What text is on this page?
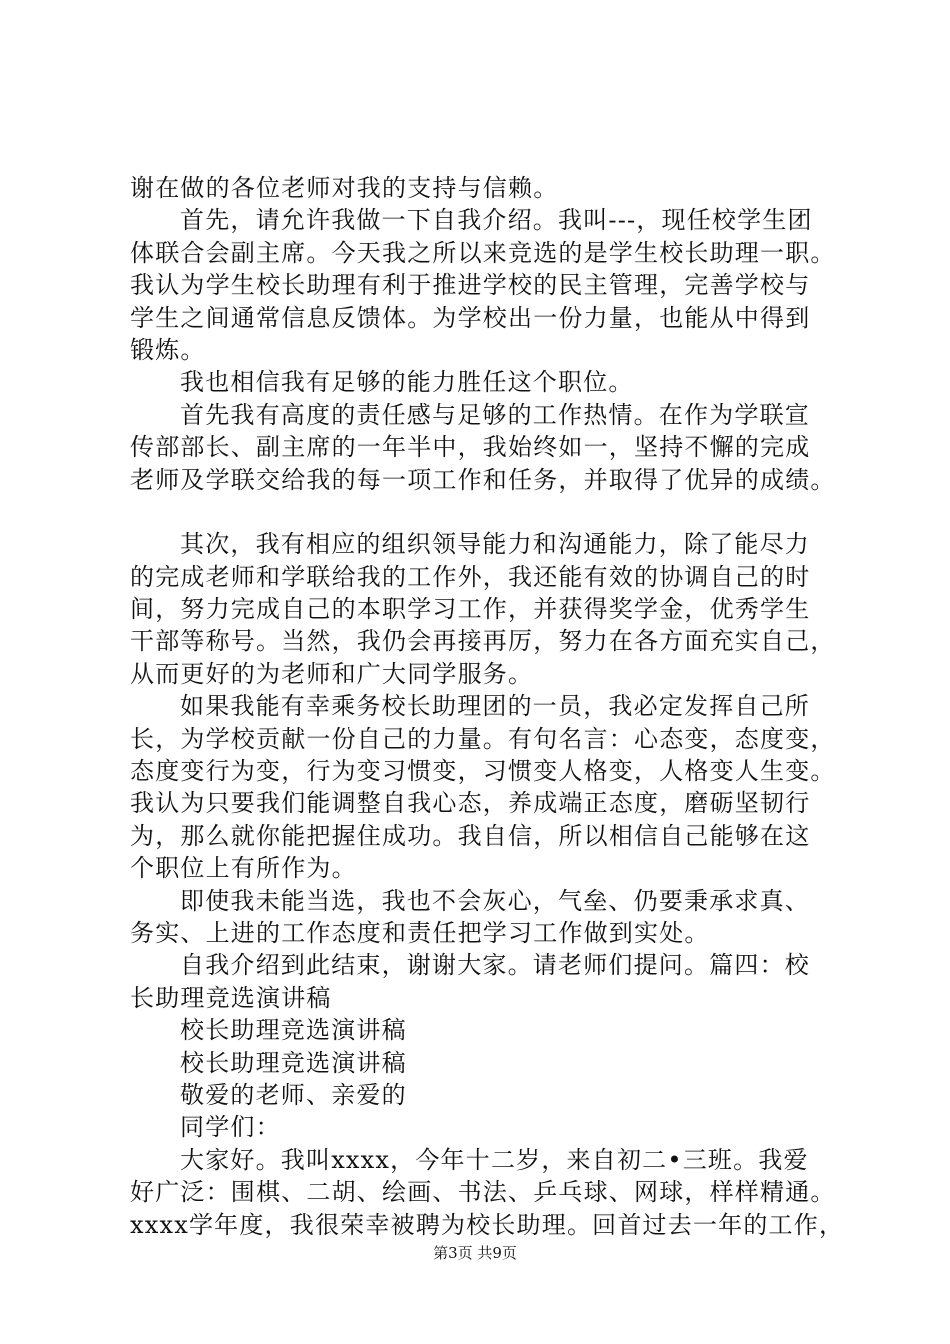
谢在做的各位老师对我的支持与信赖。
首先，请允许我做一下自我介绍。我叫---，现任校学生团
体联合会副主席。今天我之所以来竞选的是学生校长助理一职。
我认为学生校长助理有利于推进学校的民主管理，完善学校与
学生之间通常信息反馈体。为学校出一份力量，也能从中得到
锻炼。
我也相信我有足够的能力胜任这个职位。
首先我有高度的责任感与足够的工作热情。在作为学联宣
传部部长、副主席的一年半中，我始终如一，坚持不懈的完成
老师及学联交给我的每一项工作和任务，并取得了优异的成绩。
其次，我有相应的组织领导能力和沟通能力，除了能尽力
的完成老师和学联给我的工作外，我还能有效的协调自己的时
间，努力完成自己的本职学习工作，并获得奖学金，优秀学生
干部等称号。当然，我仍会再接再厉，努力在各方面充实自己，
从而更好的为老师和广大同学服务。
如果我能有幸乘务校长助理团的一员，我必定发挥自己所
长，为学校贡献一份自己的力量。有句名言：心态变，态度变，
态度变行为变，行为变习惯变，习惯变人格变，人格变人生变。
我认为只要我们能调整自我心态，养成端正态度，磨砺坚韧行
为，那么就你能把握住成功。我自信，所以相信自己能够在这
个职位上有所作为。
即使我未能当选，我也不会灰心，气垒、仍要秉承求真、
务实、上进的工作态度和责任把学习工作做到实处。
自我介绍到此结束，谢谢大家。请老师们提问。篇四：校
长助理竞选演讲稿
校长助理竞选演讲稿
校长助理竞选演讲稿
敬爱的老师、亲爱的
同学们：
大家好。我叫xxxx，今年十二岁，来自初二•三班。我爱
好广泛：围棋、二胡、绘画、书法、乒乓球、网球，样样精通。
xxxx学年度，我很荣幸被聘为校长助理。回首过去一年的工作，
第3页 共9页
